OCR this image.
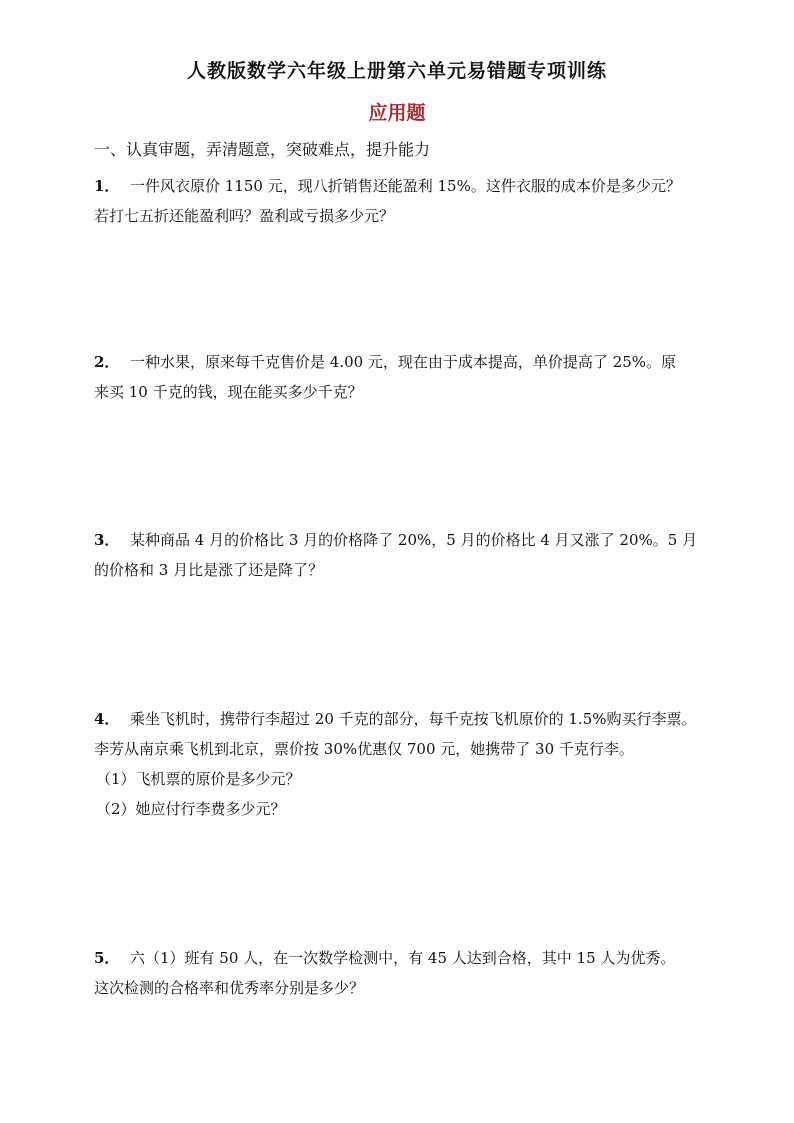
人教版数学六年级上册第六单元易错题专项训练
应用题
一、认真审题，弄清题意，突破难点，提升能力
1． 一件风衣原价 1150 元，现八折销售还能盈利 15%。这件衣服的成本价是多少元？
若打七五折还能盈利吗？盈利或亏损多少元？
2． 一种水果，原来每千克售价是 4.00 元，现在由于成本提高，单价提高了 25%。原
来买 10 千克的钱，现在能买多少千克？
3． 某种商品 4 月的价格比 3 月的价格降了 20%，5 月的价格比 4 月又涨了 20%。5 月
的价格和 3 月比是涨了还是降了？
4． 乘坐飞机时，携带行李超过 20 千克的部分，每千克按飞机原价的 1.5%购买行李票。
李芳从南京乘飞机到北京，票价按 30%优惠仅 700 元，她携带了 30 千克行李。
（1）飞机票的原价是多少元？
（2）她应付行李费多少元？
5． 六（1）班有 50 人，在一次数学检测中，有 45 人达到合格，其中 15 人为优秀。
这次检测的合格率和优秀率分别是多少？
